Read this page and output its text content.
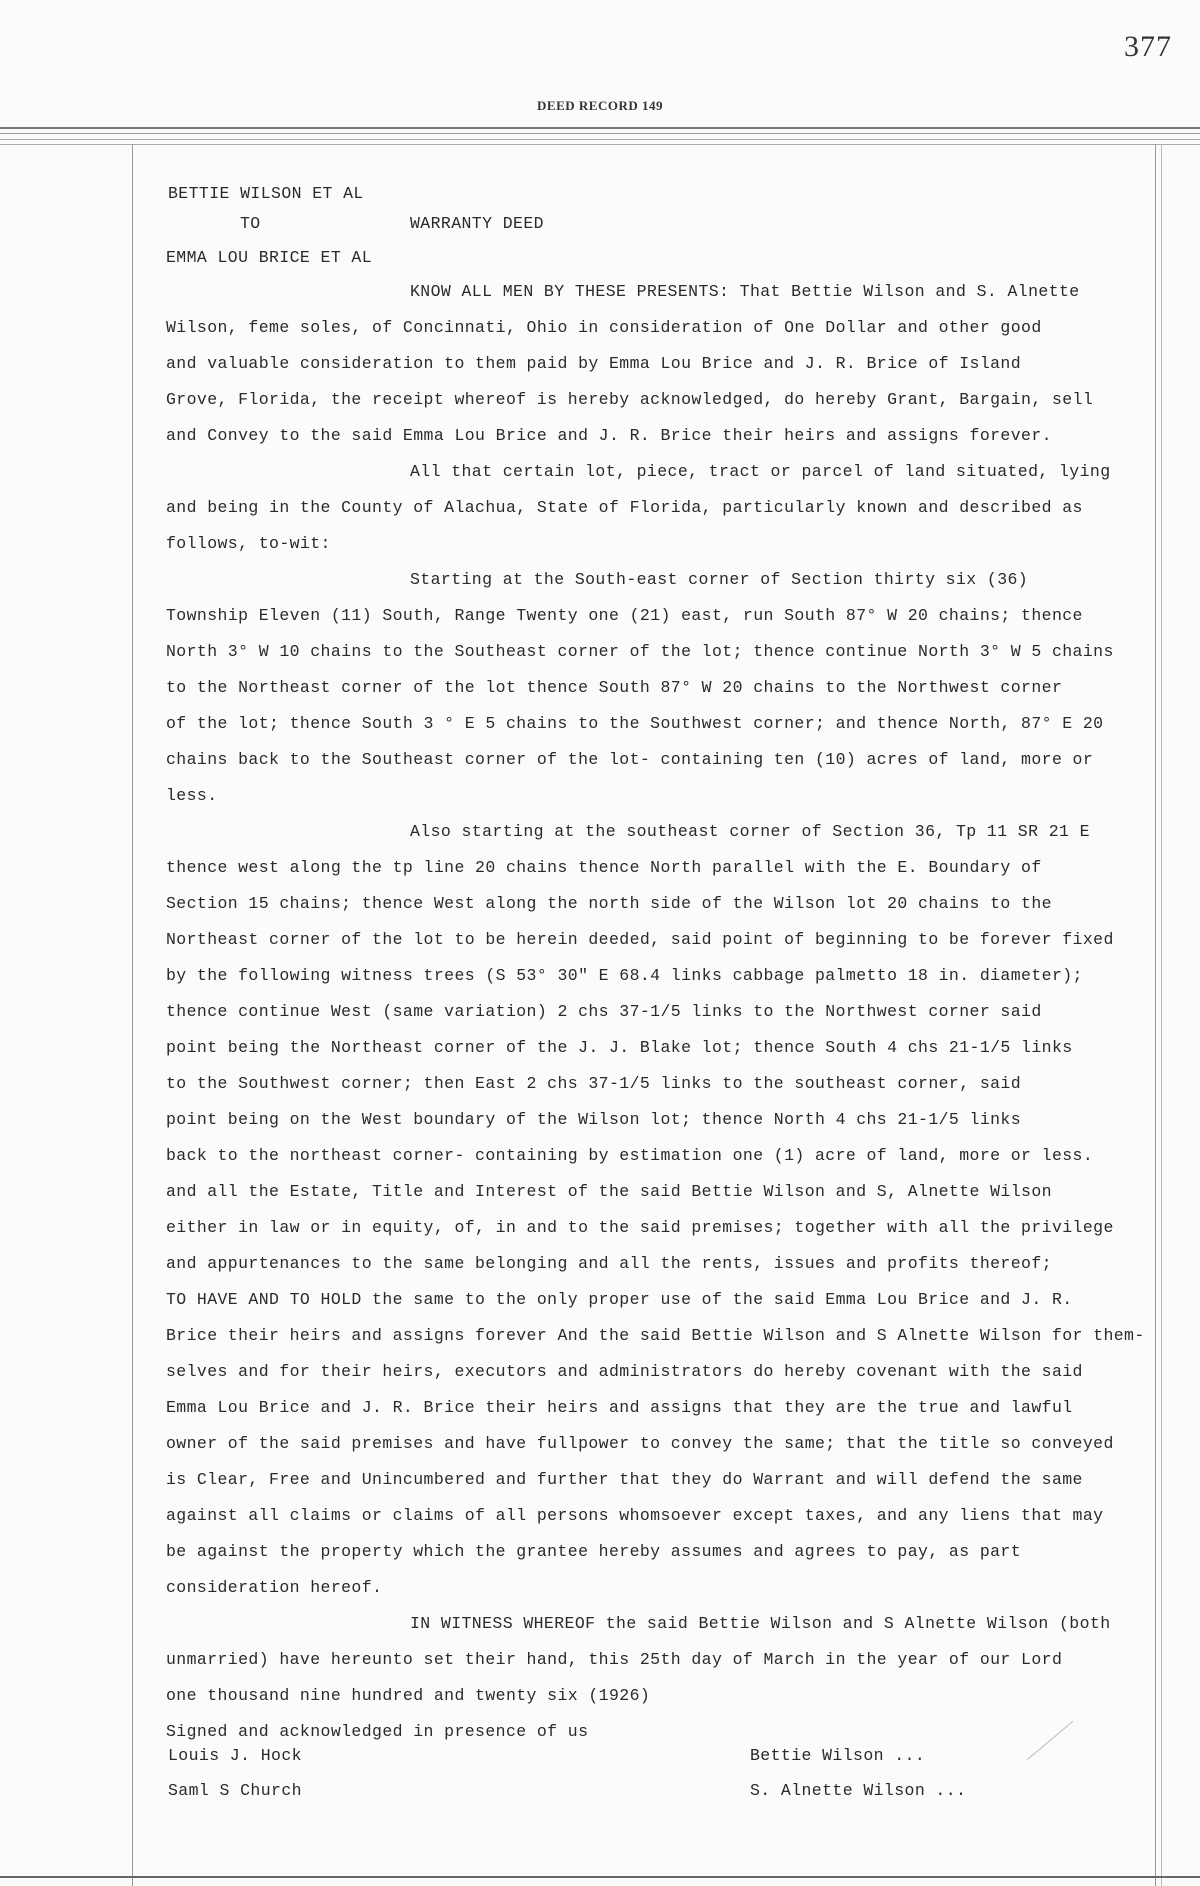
377
DEED RECORD 149
BETTIE WILSON ET AL
TO	WARRANTY DEED
EMMA LOU BRICE ET AL
KNOW ALL MEN BY THESE PRESENTS: That Bettie Wilson and S. Alnette
Wilson, feme soles, of Concinnati, Ohio in consideration of One Dollar and other good
and valuable consideration to them paid by Emma Lou Brice and J. R. Brice of Island
Grove, Florida, the receipt whereof is hereby acknowledged, do hereby Grant, Bargain, sell
and Convey to the said Emma Lou Brice and J. R. Brice their heirs and assigns forever.
All that certain lot, piece, tract or parcel of land situated, lying
and being in the County of Alachua, State of Florida, particularly known and described as
follows, to-wit:
Starting at the South-east corner of Section thirty six (36)
Township Eleven (11) South, Range Twenty one (21) east, run South 87° W 20 chains; thence
North 3° W 10 chains to the Southeast corner of the lot; thence continue North 3° W 5 chains
to the Northeast corner of the lot thence South 87° W 20 chains to the Northwest corner
of the lot; thence South 3 ° E 5 chains to the Southwest corner; and thence North, 87° E 20
chains back to the Southeast corner of the lot- containing ten (10) acres of land, more or
less.
Also starting at the southeast corner of Section 36, Tp 11 SR 21 E
thence west along the tp line 20 chains thence North parallel with the E. Boundary of
Section 15 chains; thence West along the north side of the Wilson lot 20 chains to the
Northeast corner of the lot to be herein deeded, said point of beginning to be forever fixed
by the following witness trees (S 53° 30" E 68.4 links cabbage palmetto 18 in. diameter);
thence continue West (same variation) 2 chs 37-1/5 links to the Northwest corner said
point being the Northeast corner of the J. J. Blake lot; thence South 4 chs 21-1/5 links
to the Southwest corner; then East 2 chs 37-1/5 links to the southeast corner, said
point being on the West boundary of the Wilson lot; thence North 4 chs 21-1/5 links
back to the northeast corner- containing by estimation one (1) acre of land, more or less.
and all the Estate, Title and Interest of the said Bettie Wilson and S, Alnette Wilson
either in law or in equity, of, in and to the said premises; together with all the privilege
and appurtenances to the same belonging and all the rents, issues and profits thereof;
TO HAVE AND TO HOLD the same to the only proper use of the said Emma Lou Brice and J. R.
Brice their heirs and assigns forever And the said Bettie Wilson and S Alnette Wilson for them-
selves and for their heirs, executors and administrators do hereby covenant with the said
Emma Lou Brice and J. R. Brice their heirs and assigns that they are the true and lawful
owner of the said premises and have fullpower to convey the same; that the title so conveyed
is Clear, Free and Unincumbered and further that they do Warrant and will defend the same
against all claims or claims of all persons whomsoever except taxes, and any liens that may
be against the property which the grantee hereby assumes and agrees to pay, as part
consideration hereof.
IN WITNESS WHEREOF the said Bettie Wilson and S Alnette Wilson (both
unmarried) have hereunto set their hand, this 25th day of March in the year of our Lord
one thousand nine hundred and twenty six (1926)
Signed and acknowledged in presence of us
Louis J. Hock	Bettie Wilson ...
Saml S Church	S. Alnette Wilson ...
